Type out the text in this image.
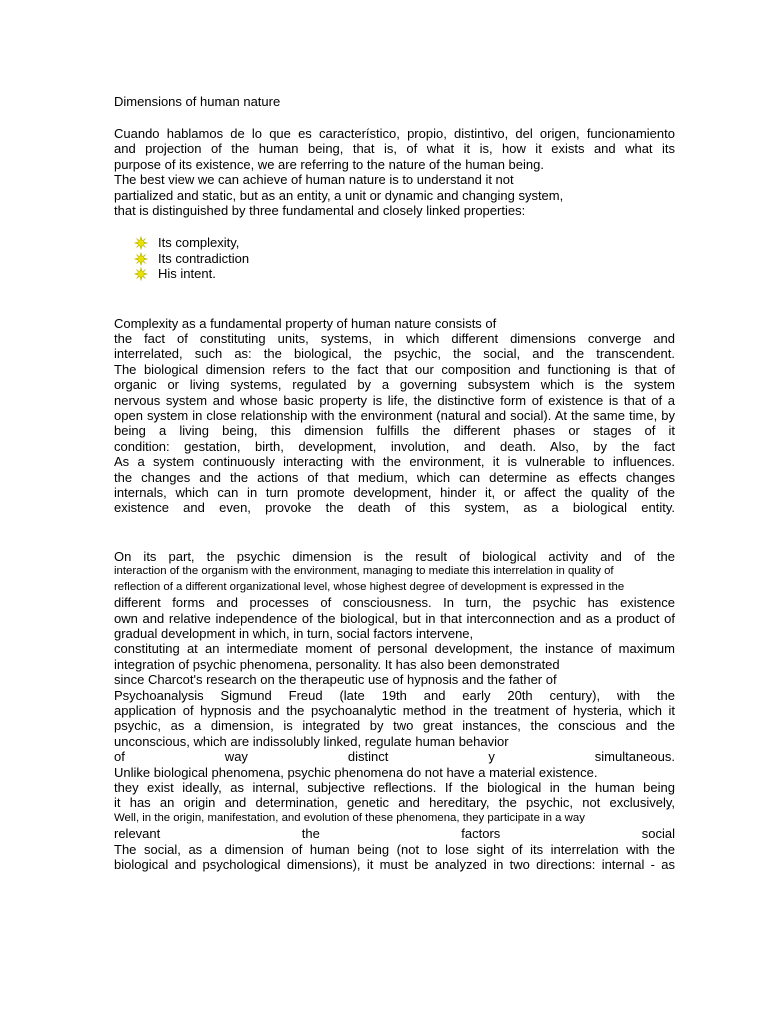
Dimensions of human nature
Cuando hablamos de lo que es característico, propio, distintivo, del origen, funcionamiento
and projection of the human being, that is, of what it is, how it exists and what its
purpose of its existence, we are referring to the nature of the human being.
The best view we can achieve of human nature is to understand it not
partialized and static, but as an entity, a unit or dynamic and changing system,
that is distinguished by three fundamental and closely linked properties:
Its complexity,
Its contradiction
His intent.
Complexity as a fundamental property of human nature consists of
the fact of constituting units, systems, in which different dimensions converge and
interrelated, such as: the biological, the psychic, the social, and the transcendent.
The biological dimension refers to the fact that our composition and functioning is that of
organic or living systems, regulated by a governing subsystem which is the system
nervous system and whose basic property is life, the distinctive form of existence is that of a
open system in close relationship with the environment (natural and social). At the same time, by
being a living being, this dimension fulfills the different phases or stages of it
condition: gestation, birth, development, involution, and death. Also, by the fact
As a system continuously interacting with the environment, it is vulnerable to influences.
the changes and the actions of that medium, which can determine as effects changes
internals, which can in turn promote development, hinder it, or affect the quality of the
existence and even, provoke the death of this system, as a biological entity.
On its part, the psychic dimension is the result of biological activity and of the
interaction of the organism with the environment, managing to mediate this interrelation in quality of
reflection of a different organizational level, whose highest degree of development is expressed in the
different forms and processes of consciousness. In turn, the psychic has existence
own and relative independence of the biological, but in that interconnection and as a product of
gradual development in which, in turn, social factors intervene,
constituting at an intermediate moment of personal development, the instance of maximum
integration of psychic phenomena, personality. It has also been demonstrated
since Charcot's research on the therapeutic use of hypnosis and the father of
Psychoanalysis Sigmund Freud (late 19th and early 20th century), with the
application of hypnosis and the psychoanalytic method in the treatment of hysteria, which it
psychic, as a dimension, is integrated by two great instances, the conscious and the
unconscious, which are indissolubly linked, regulate human behavior
of way distinct y simultaneous.
Unlike biological phenomena, psychic phenomena do not have a material existence.
they exist ideally, as internal, subjective reflections. If the biological in the human being
it has an origin and determination, genetic and hereditary, the psychic, not exclusively,
Well, in the origin, manifestation, and evolution of these phenomena, they participate in a way
relevant the factors social
The social, as a dimension of human being (not to lose sight of its interrelation with the
biological and psychological dimensions), it must be analyzed in two directions: internal - as
